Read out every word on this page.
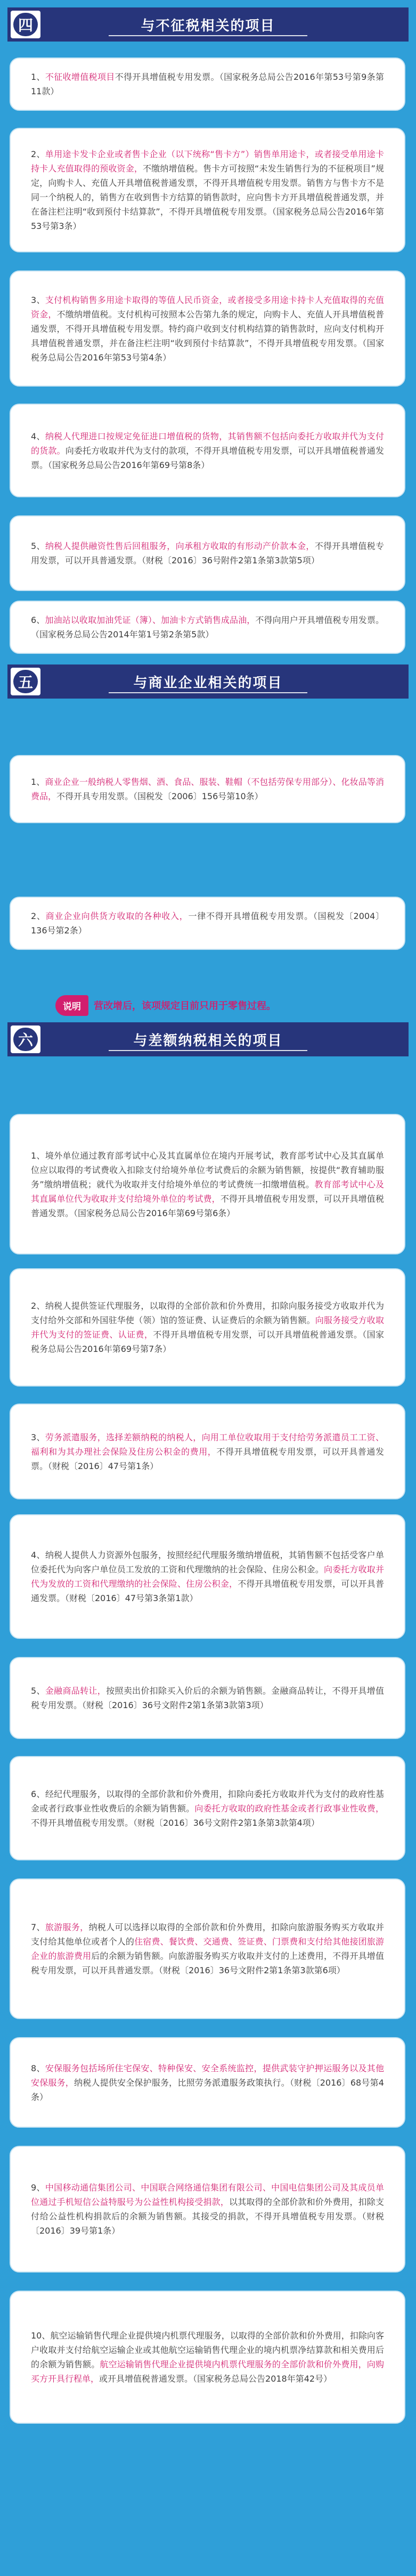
四	与不征税相关的项目
1、不征收增值税项目不得开具增值税专用发票。（国家税务总局公告2016年第53号第9条第11款）
2、单用途卡发卡企业或者售卡企业（以下统称“售卡方”）销售单用途卡，或者接受单用途卡持卡人充值取得的预收资金，不缴纳增值税。售卡方可按照“未发生销售行为的不征税项目”规定，向购卡人、充值人开具增值税普通发票，不得开具增值税专用发票。销售方与售卡方不是同一个纳税人的，销售方在收到售卡方结算的销售款时，应向售卡方开具增值税普通发票，并在备注栏注明“收到预付卡结算款”，不得开具增值税专用发票。（国家税务总局公告2016年第53号第3条）
3、支付机构销售多用途卡取得的等值人民币资金，或者接受多用途卡持卡人充值取得的充值资金，不缴纳增值税。支付机构可按照本公告第九条的规定，向购卡人、充值人开具增值税普通发票，不得开具增值税专用发票。特约商户收到支付机构结算的销售款时，应向支付机构开具增值税普通发票，并在备注栏注明“收到预付卡结算款”，不得开具增值税专用发票。（国家税务总局公告2016年第53号第4条）
4、纳税人代理进口按规定免征进口增值税的货物，其销售额不包括向委托方收取并代为支付的货款。向委托方收取并代为支付的款项，不得开具增值税专用发票，可以开具增值税普通发票。（国家税务总局公告2016年第69号第8条）
5、纳税人提供融资性售后回租服务，向承租方收取的有形动产价款本金，不得开具增值税专用发票，可以开具普通发票。（财税〔2016〕36号附件2第1条第3款第5项）
6、加油站以收取加油凭证（簿）、加油卡方式销售成品油，不得向用户开具增值税专用发票。（国家税务总局公告2014年第1号第2条第5款）
五	与商业企业相关的项目
1、商业企业一般纳税人零售烟、酒、食品、服装、鞋帽（不包括劳保专用部分）、化妆品等消费品，不得开具专用发票。（国税发〔2006〕156号第10条）
2、商业企业向供货方收取的各种收入，一律不得开具增值税专用发票。（国税发〔2004〕136号第2条）
说明	营改增后，该项规定目前只用于零售过程。
六	与差额纳税相关的项目
1、境外单位通过教育部考试中心及其直属单位在境内开展考试，教育部考试中心及其直属单位应以取得的考试费收入扣除支付给境外单位考试费后的余额为销售额，按提供“教育辅助服务”缴纳增值税；就代为收取并支付给境外单位的考试费统一扣缴增值税。教育部考试中心及其直属单位代为收取并支付给境外单位的考试费，不得开具增值税专用发票，可以开具增值税普通发票。（国家税务总局公告2016年第69号第6条）
2、纳税人提供签证代理服务，以取得的全部价款和价外费用，扣除向服务接受方收取并代为支付给外交部和外国驻华使（领）馆的签证费、认证费后的余额为销售额。向服务接受方收取并代为支付的签证费、认证费，不得开具增值税专用发票，可以开具增值税普通发票。（国家税务总局公告2016年第69号第7条）
3、劳务派遣服务，选择差额纳税的纳税人，向用工单位收取用于支付给劳务派遣员工工资、福利和为其办理社会保险及住房公积金的费用，不得开具增值税专用发票，可以开具普通发票。（财税〔2016〕47号第1条）
4、纳税人提供人力资源外包服务，按照经纪代理服务缴纳增值税，其销售额不包括受客户单位委托代为向客户单位员工发放的工资和代理缴纳的社会保险、住房公积金。向委托方收取并代为发放的工资和代理缴纳的社会保险、住房公积金，不得开具增值税专用发票，可以开具普通发票。（财税〔2016〕47号第3条第1款）
5、金融商品转让，按照卖出价扣除买入价后的余额为销售额。金融商品转让，不得开具增值税专用发票。（财税〔2016〕36号文附件2第1条第3款第3项）
6、经纪代理服务，以取得的全部价款和价外费用，扣除向委托方收取并代为支付的政府性基金或者行政事业性收费后的余额为销售额。向委托方收取的政府性基金或者行政事业性收费，不得开具增值税专用发票。（财税〔2016〕36号文附件2第1条第3款第4项）
7、旅游服务，纳税人可以选择以取得的全部价款和价外费用，扣除向旅游服务购买方收取并支付给其他单位或者个人的住宿费、餐饮费、交通费、签证费、门票费和支付给其他接团旅游企业的旅游费用后的余额为销售额。向旅游服务购买方收取并支付的上述费用，不得开具增值税专用发票，可以开具普通发票。（财税〔2016〕36号文附件2第1条第3款第6项）
8、安保服务包括场所住宅保安、特种保安、安全系统监控，提供武装守护押运服务以及其他安保服务，纳税人提供安全保护服务，比照劳务派遣服务政策执行。（财税〔2016〕68号第4条）
9、中国移动通信集团公司、中国联合网络通信集团有限公司、中国电信集团公司及其成员单位通过手机短信公益特服号为公益性机构接受捐款，以其取得的全部价款和价外费用，扣除支付给公益性机构捐款后的余额为销售额。其接受的捐款，不得开具增值税专用发票。（财税〔2016〕39号第1条）
10、航空运输销售代理企业提供境内机票代理服务，以取得的全部价款和价外费用，扣除向客户收取并支付给航空运输企业或其他航空运输销售代理企业的境内机票净结算款和相关费用后的余额为销售额。航空运输销售代理企业提供境内机票代理服务的全部价款和价外费用，向购买方开具行程单，或开具增值税普通发票。（国家税务总局公告2018年第42号）
